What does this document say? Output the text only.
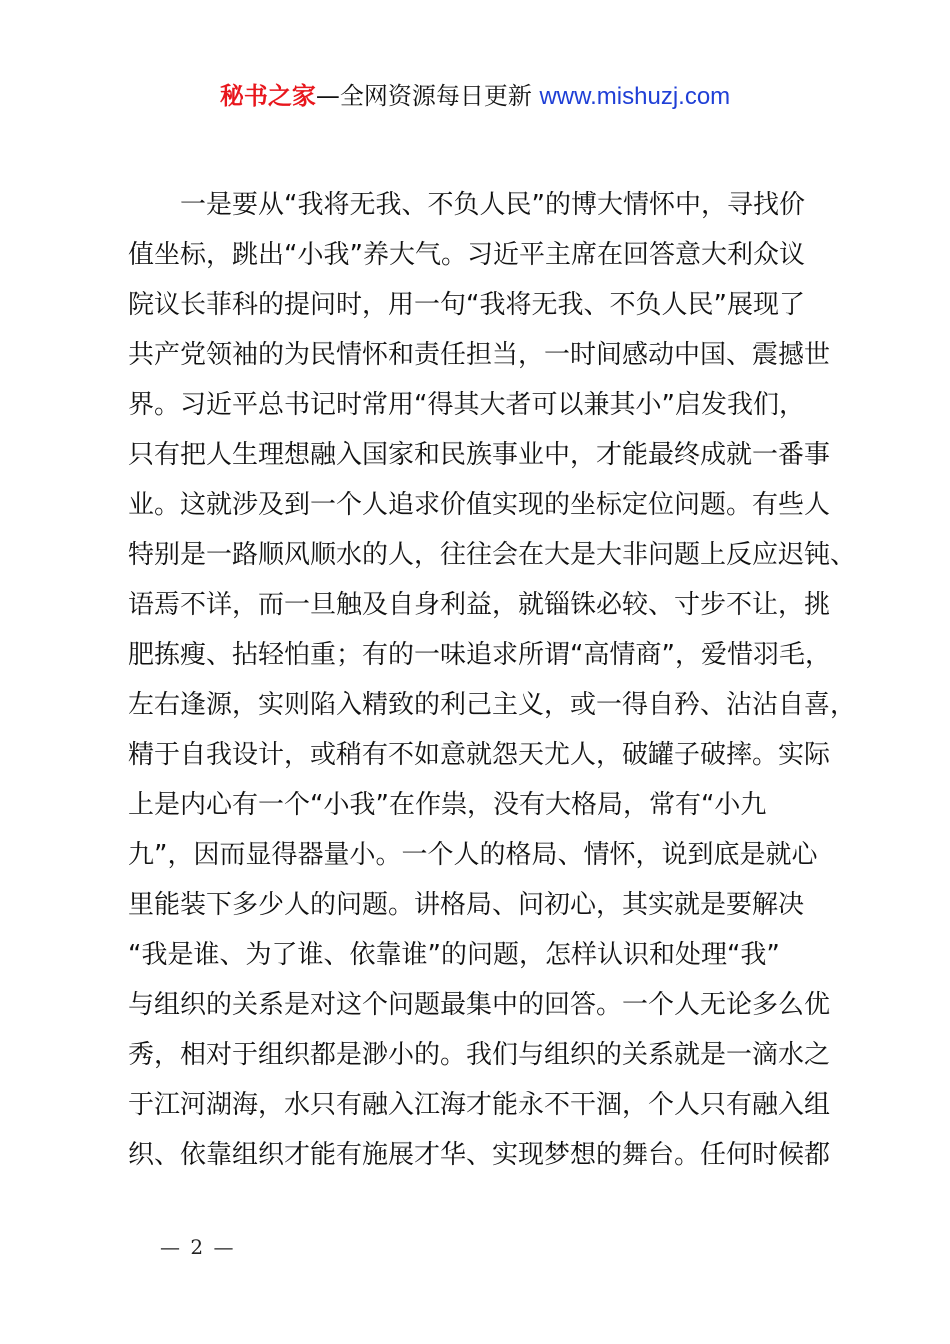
秘书之家—全网资源每日更新 www.mishuzj.com
　　一是要从“我将无我、不负人民”的博大情怀中，寻找价
值坐标，跳出“小我”养大气。习近平主席在回答意大利众议
院议长菲科的提问时，用一句“我将无我、不负人民”展现了
共产党领袖的为民情怀和责任担当，一时间感动中国、震撼世
界。习近平总书记时常用“得其大者可以兼其小”启发我们，
只有把人生理想融入国家和民族事业中，才能最终成就一番事
业。这就涉及到一个人追求价值实现的坐标定位问题。有些人
特别是一路顺风顺水的人，往往会在大是大非问题上反应迟钝、
语焉不详，而一旦触及自身利益，就锱铢必较、寸步不让，挑
肥拣瘦、拈轻怕重；有的一味追求所谓“高情商”，爱惜羽毛，
左右逢源，实则陷入精致的利己主义，或一得自矜、沾沾自喜，
精于自我设计，或稍有不如意就怨天尤人，破罐子破摔。实际
上是内心有一个“小我”在作祟，没有大格局，常有“小九
九”，因而显得器量小。一个人的格局、情怀，说到底是就心
里能装下多少人的问题。讲格局、问初心，其实就是要解决
“我是谁、为了谁、依靠谁”的问题，怎样认识和处理“我”
与组织的关系是对这个问题最集中的回答。一个人无论多么优
秀，相对于组织都是渺小的。我们与组织的关系就是一滴水之
于江河湖海，水只有融入江海才能永不干涸，个人只有融入组
织、依靠组织才能有施展才华、实现梦想的舞台。任何时候都
— 2 —
